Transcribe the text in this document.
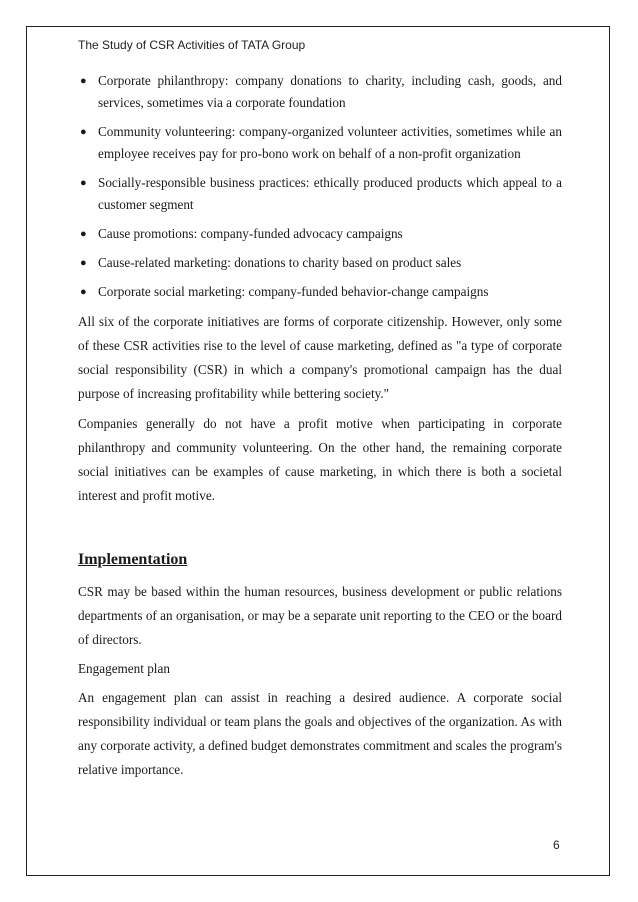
The Study of CSR Activities of TATA Group
● Corporate philanthropy: company donations to charity, including cash, goods, and services, sometimes via a corporate foundation
● Community volunteering: company-organized volunteer activities, sometimes while an employee receives pay for pro-bono work on behalf of a non-profit organization
● Socially-responsible business practices: ethically produced products which appeal to a customer segment
● Cause promotions: company-funded advocacy campaigns
● Cause-related marketing: donations to charity based on product sales
● Corporate social marketing: company-funded behavior-change campaigns

All six of the corporate initiatives are forms of corporate citizenship. However, only some of these CSR activities rise to the level of cause marketing, defined as "a type of corporate social responsibility (CSR) in which a company's promotional campaign has the dual purpose of increasing profitability while bettering society."

Companies generally do not have a profit motive when participating in corporate philanthropy and community volunteering. On the other hand, the remaining corporate social initiatives can be examples of cause marketing, in which there is both a societal interest and profit motive.

Implementation

CSR may be based within the human resources, business development or public relations departments of an organisation, or may be a separate unit reporting to the CEO or the board of directors.

Engagement plan

An engagement plan can assist in reaching a desired audience. A corporate social responsibility individual or team plans the goals and objectives of the organization. As with any corporate activity, a defined budget demonstrates commitment and scales the program's relative importance.

6
